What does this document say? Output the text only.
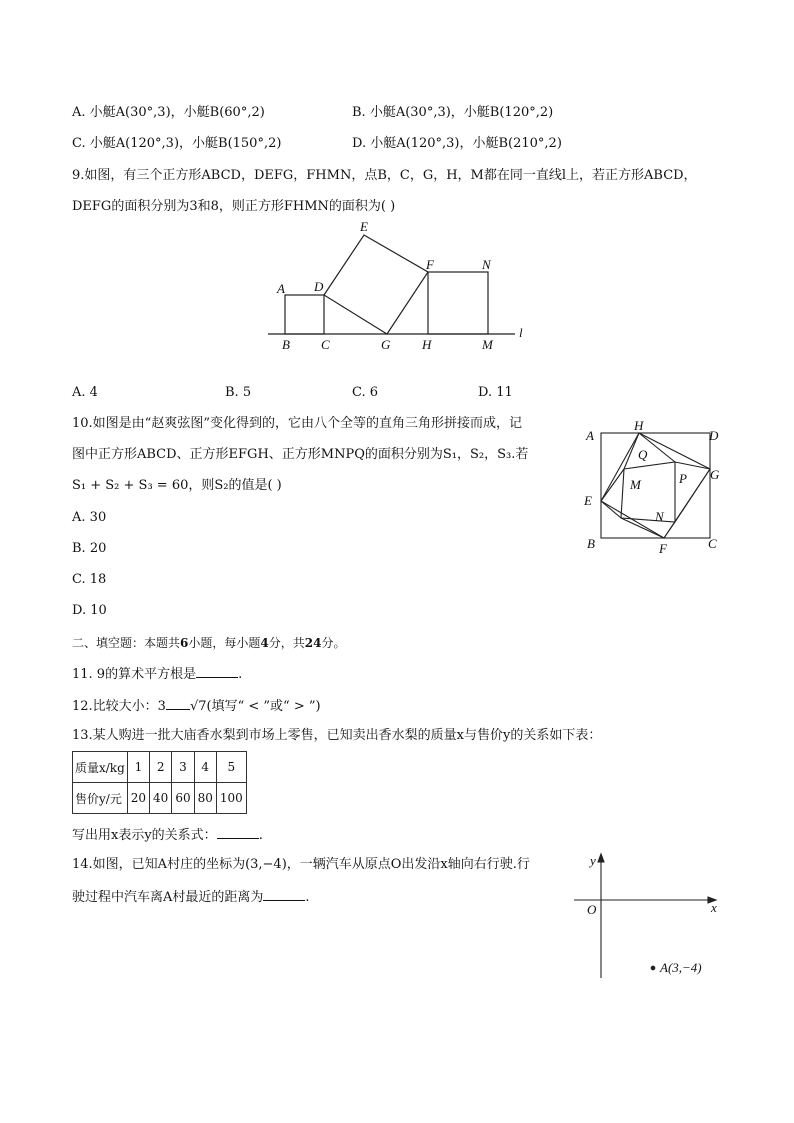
A. 小艇A(30°,3)，小艇B(60°,2)	B. 小艇A(30°,3)，小艇B(120°,2)
C. 小艇A(120°,3)，小艇B(150°,2)	D. 小艇A(120°,3)，小艇B(210°,2)
9.如图，有三个正方形ABCD，DEFG，FHMN，点B，C，G，H，M都在同一直线l上，若正方形ABCD，
DEFG的面积分别为3和8，则正方形FHMN的面积为( )
E
A D
F	N
B C	G H	M
l
A. 4	B. 5	C. 6	D. 11
10.如图是由“赵爽弦图”变化得到的，它由八个全等的直角三角形拼接而成，记
图中正方形ABCD、正方形EFGH、正方形MNPQ的面积分别为S₁，S₂，S₃.若
S₁ + S₂ + S₃ = 60，则S₂的值是( )
A
H
D
Q
G
P
M
E
N
B	F	C
A. 30
B. 20
C. 18
D. 10
二、填空题：本题共6小题，每小题4分，共24分。
11. 9的算术平方根是	.
12.比较大小：3 √7(填写“ < ”或“ > ”)
13.某人购进一批大庙香水梨到市场上零售，已知卖出香水梨的质量x与售价y的关系如下表：
质量x/kg	1	2	3	4	5
售价y/元	20	40	60	80	100
写出用x表示y的关系式：	.
14.如图，已知A村庄的坐标为(3,−4)，一辆汽车从原点O出发沿x轴向右行驶.行
驶过程中汽车离A村最近的距离为	.
y
x
O
A(3,−4)
